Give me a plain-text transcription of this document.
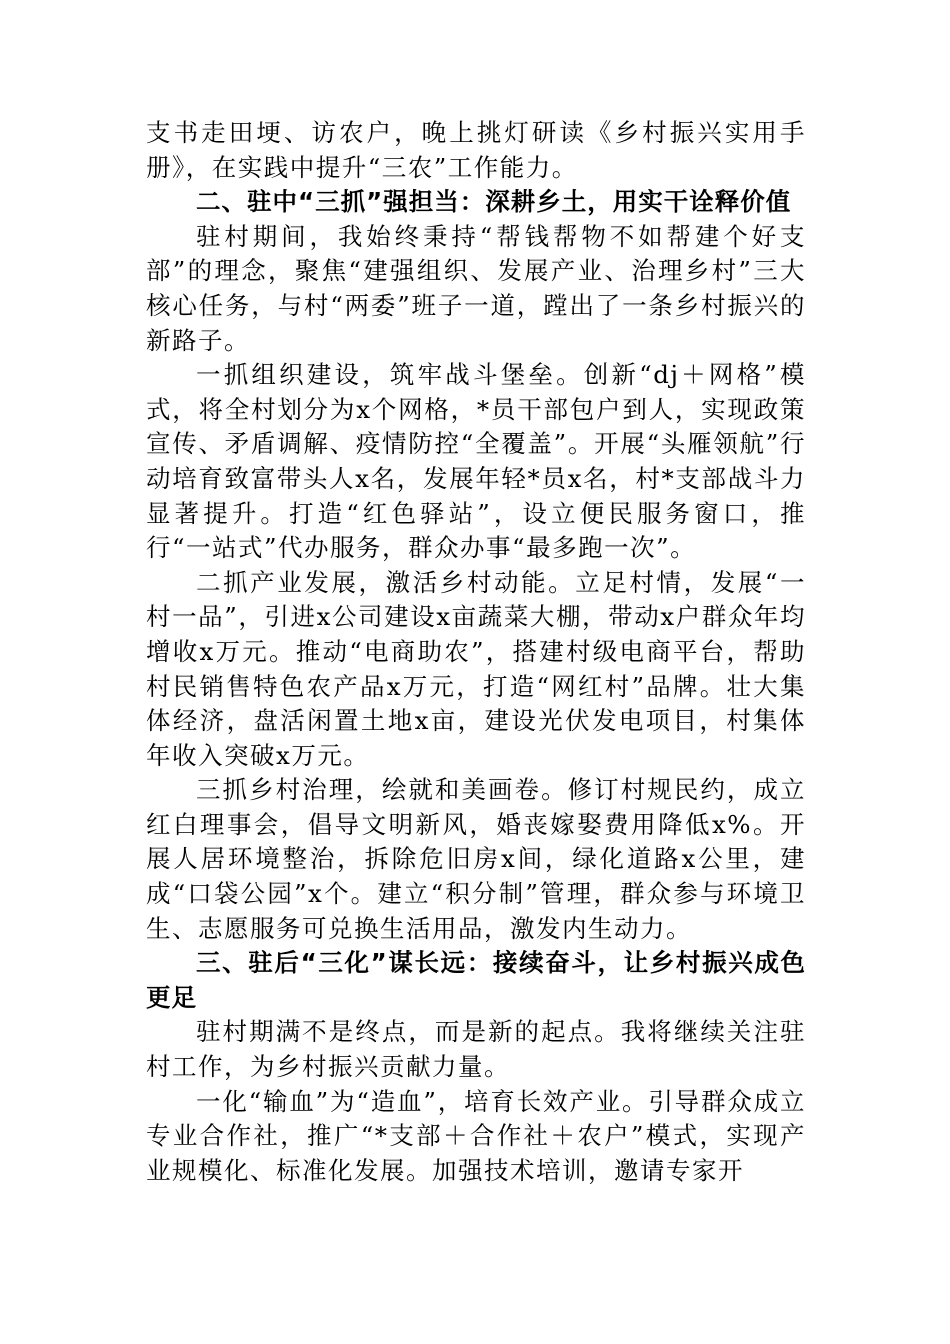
支书走田埂、访农户，晚上挑灯研读《乡村振兴实用手册》，在实践中提升“三农”工作能力。

二、驻中“三抓”强担当：深耕乡土，用实干诠释价值

驻村期间，我始终秉持“帮钱帮物不如帮建个好支部”的理念，聚焦“建强组织、发展产业、治理乡村”三大核心任务，与村“两委”班子一道，蹚出了一条乡村振兴的新路子。

一抓组织建设，筑牢战斗堡垒。创新“dj＋网格”模式，将全村划分为x个网格，*员干部包户到人，实现政策宣传、矛盾调解、疫情防控“全覆盖”。开展“头雁领航”行动培育致富带头人x名，发展年轻*员x名，村*支部战斗力显著提升。打造“红色驿站”，设立便民服务窗口，推行“一站式”代办服务，群众办事“最多跑一次”。

二抓产业发展，激活乡村动能。立足村情，发展“一村一品”，引进x公司建设x亩蔬菜大棚，带动x户群众年均增收x万元。推动“电商助农”，搭建村级电商平台，帮助村民销售特色农产品x万元，打造“网红村”品牌。壮大集体经济，盘活闲置土地x亩，建设光伏发电项目，村集体年收入突破x万元。

三抓乡村治理，绘就和美画卷。修订村规民约，成立红白理事会，倡导文明新风，婚丧嫁娶费用降低x%。开展人居环境整治，拆除危旧房x间，绿化道路x公里，建成“口袋公园”x个。建立“积分制”管理，群众参与环境卫生、志愿服务可兑换生活用品，激发内生动力。

三、驻后“三化”谋长远：接续奋斗，让乡村振兴成色更足

驻村期满不是终点，而是新的起点。我将继续关注驻村工作，为乡村振兴贡献力量。

一化“输血”为“造血”，培育长效产业。引导群众成立专业合作社，推广“*支部＋合作社＋农户”模式，实现产业规模化、标准化发展。加强技术培训，邀请专家开
